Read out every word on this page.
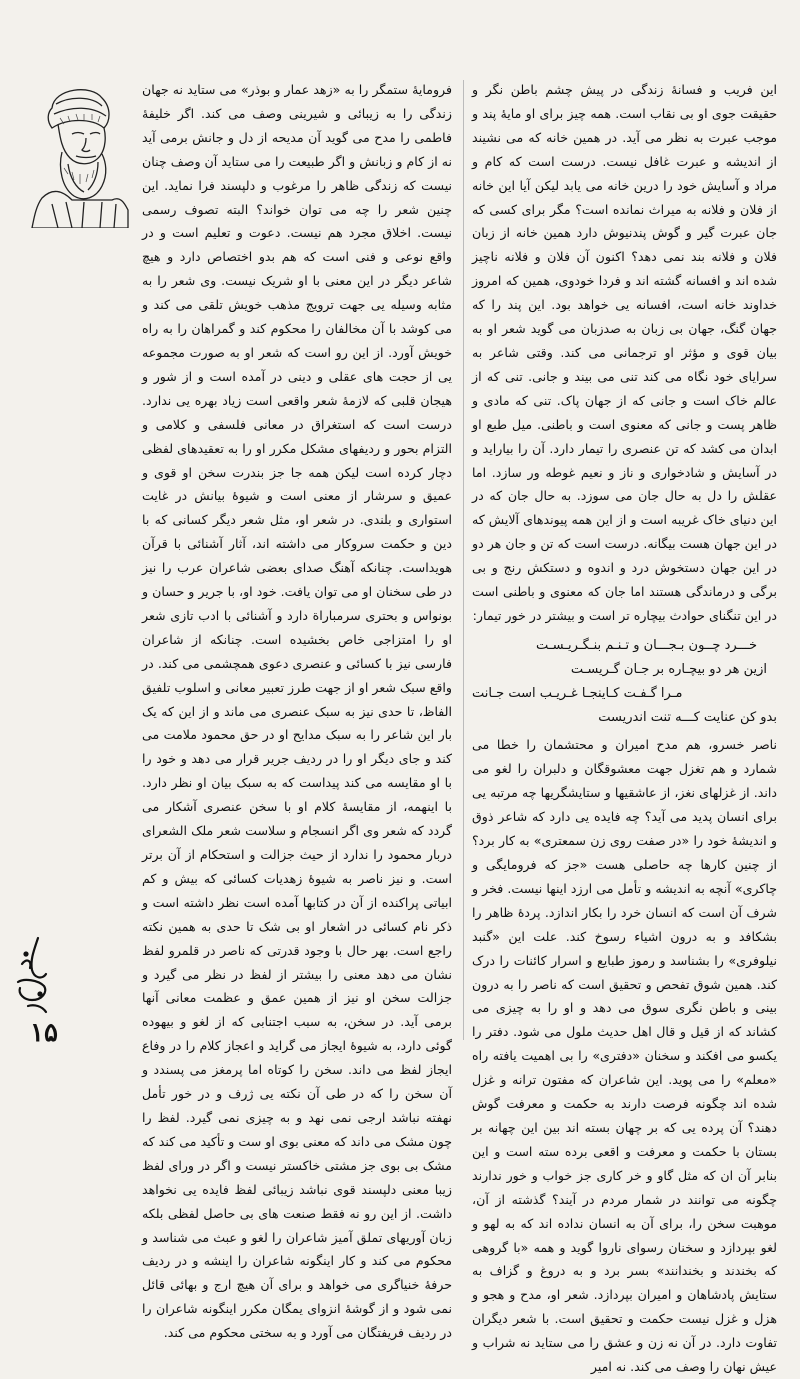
فرومایهٔ ستمگر را به «زهد عمار و بوذر» می ستاید نه جهان زندگی را به زیبائی و شیرینی وصف می کند. اگر خلیفهٔ فاطمی را مدح می گوید آن مدیحه از دل و جانش برمی آید نه از کام و زبانش و اگر طبیعت را می ستاید آن وصف چنان نیست که زندگی ظاهر را مرغوب و دلپسند فرا نماید. این چنین شعر را چه می توان خواند؟ البته تصوف رسمی نیست. اخلاق مجرد هم نیست. دعوت و تعلیم است و در واقع نوعی و فنی است که هم بدو اختصاص دارد و هیچ شاعر دیگر در این معنی با او شریک نیست. وی شعر را به مثابه وسیله یی جهت ترویج مذهب خویش تلقی می کند و می کوشد با آن مخالفان را محکوم کند و گمراهان را به راه خویش آورد. از این رو است که شعر او به صورت مجموعه یی از حجت های عقلی و دینی در آمده است و از شور و هیجان قلبی که لازمهٔ شعر واقعی است زیاد بهره یی ندارد. درست است که استغراق در معانی فلسفی و کلامی و التزام بحور و ردیفهای مشکل مکرر او را به تعقیدهای لفظی دچار کرده است لیکن همه جا جز بندرت سخن او قوی و عمیق و سرشار از معنی است و شیوهٔ بیانش در غایت استواری و بلندی. در شعر او، مثل شعر دیگر کسانی که با دین و حکمت سروکار می داشته اند، آثار آشنائی با قرآن هویداست. چنانکه آهنگ صدای بعضی شاعران عرب را نیز در طی سخنان او می توان یافت. خود او، با جریر و حسان و بونواس و بحتری سرمباراة دارد و آشنائی با ادب تازی شعر او را امتزاجی خاص بخشیده است. چنانکه از شاعران فارسی نیز با کسائی و عنصری دعوی همچشمی می کند. در واقع سبک شعر او از جهت طرز تعبیر معانی و اسلوب تلفیق الفاظ، تا حدی نیز به سبک عنصری می ماند و از این که یک بار این شاعر را به سبک مدایح او در حق محمود ملامت می کند و جای دیگر او را در ردیف جریر قرار می دهد و خود را با او مقایسه می کند پیداست که به سبک بیان او نظر دارد. با اینهمه، از مقایسهٔ کلام او با سخن عنصری آشکار می گردد که شعر وی اگر انسجام و سلاست شعر ملک الشعرای دربار محمود را ندارد از حیث جزالت و استحکام از آن برتر است. و نیز ناصر به شیوهٔ زهدیات کسائی که بیش و کم ابیاتی پراکنده از آن در کتابها آمده است نظر داشته است و ذکر نام کسائی در اشعار او بی شک تا حدی به همین نکته راجع است. بهر حال با وجود قدرتی که ناصر در قلمرو لفظ نشان می دهد معنی را بیشتر از لفظ در نظر می گیرد و جزالت سخن او نیز از همین عمق و عظمت معانی آنها برمی آید. در سخن، به سبب اجتنابی که از لغو و بیهوده گوئی دارد، به شیوهٔ ایجاز می گراید و اعجاز کلام را در وفاع ایجاز لفظ می داند. سخن را کوتاه اما پرمغز می پسندد و آن سخن را که در طی آن نکته یی ژرف و در خور تأمل نهفته نباشد ارجی نمی نهد و به چیزی نمی گیرد. لفظ را چون مشک می داند که معنی بوی او ست و تأکید می کند که مشک بی بوی جز مشتی خاکستر نیست و اگر در ورای لفظ زیبا معنی دلپسند قوی نباشد زیبائی لفظ فایده یی نخواهد داشت. از این رو نه فقط صنعت های بی حاصل لفظی بلکه زبان آوریهای تملق آمیز شاعران را لغو و عبث می شناسد و محکوم می کند و کار اینگونه شاعران را اینشه و در ردیف حرفهٔ خنیاگری می خواهد و برای آن هیچ ارج و بهائی قائل نمی شود و از گوشهٔ انزوای یمگان مکرر اینگونه شاعران را در ردیف فریفتگان می آورد و به سختی محکوم می کند.

این فریب و فسانهٔ زندگی در پیش چشم باطن نگر و حقیقت جوی او بی نقاب است. همه چیز برای او مایهٔ پند و موجب عبرت به نظر می آید. در همین خانه که می نشیند از اندیشه و عبرت غافل نیست. درست است که کام و مراد و آسایش خود را درین خانه می یابد لیکن آیا این خانه از فلان و فلانه به میراث نمانده است؟ مگر برای کسی که جان عبرت گیر و گوش پندنیوش دارد همین خانه از زبان فلان و فلانه بند نمی دهد؟ اکنون آن فلان و فلانه ناچیز شده اند و افسانه گشته اند و فردا خودوی، همین که امروز خداوند خانه است، افسانه یی خواهد بود. این پند را که جهان گنگ، جهان بی زبان به صدزبان می گوید شعر او به بیان قوی و مؤثر او ترجمانی می کند. وقتی شاعر به سرایای خود نگاه می کند تنی می بیند و جانی. تنی که از عالم خاک است و جانی که از جهان پاک. تنی که مادی و ظاهر پست و جانی که معنوی است و باطنی. میل طبع او ابدان می کشد که تن عنصری را تیمار دارد. آن را بیارايد و در آسایش و شادخواری و ناز و نعیم غوطه ور سازد. اما عقلش را دل به حال جان می سوزد. به حال جان که در این دنیای خاک غریبه است و از این همه پیوندهای آلایش که در این جهان هست بیگانه. درست است که تن و جان هر دو در این جهان دستخوش درد و اندوه و دستکش رنج و بی برگی و درماندگی هستند اما جان که معنوی و باطنی است در این تنگنای حوادث بیچاره تر است و بیشتر در خور تیمار:

خـــرد چــون بـجـــان و تـنـم بنـگـریـسـت
ازین هر دو بیچـاره بر جـان گـریسـت
مـرا گـفـت کـاینجـا غـریـب است جـانت
بدو کن عنایت کـــه تنت اندریست

ناصر خسرو، هم مدح امیران و محتشمان را خطا می شمارد و هم تغزل جهت معشوقگان و دلبران را لغو می داند. از غزلهای نغز، از عاشقیها و ستایشگریها چه مرتبه یی برای انسان پدید می آید؟ چه فایده یی دارد که شاعر ذوق و اندیشهٔ خود را «در صفت روی زن سمعتری» به کار برد؟ از چنین کارها چه حاصلی هست «جز که فرومایگی و چاکری» آنچه به اندیشه و تأمل می ارزد اینها نیست. فخر و شرف آن است که انسان خرد را بکار اندازد. پردهٔ ظاهر را بشکافد و به درون اشیاء رسوخ کند. علت این «گنبد نیلوفری» را بشناسد و رموز طبایع و اسرار کائنات را درک کند. همین شوق تفحص و تحقیق است که ناصر را به درون بینی و باطن نگری سوق می دهد و او را به چیزی می کشاند که از قیل و قال اهل حدیث ملول می شود. دفتر را یکسو می افکند و سخنان «دفتری» را بی اهمیت یافته راه «معلم» را می پوید. این شاعران که مفتون ترانه و غزل شده اند چگونه فرصت دارند به حکمت و معرفت گوش دهند؟ آن پرده یی که بر چهان بسته اند بین این چهانه بر بستان با حکمت و معرفت و اقعی برده سته است و این بنابر آن ان که مثل گاو و خر کاری جز خواب و خور ندارند چگونه می توانند در شمار مردم در آیند؟ گذشته از آن، موهبت سخن را، برای آن به انسان نداده اند که به لهو و لغو بپردازد و سخنان رسوای ناروا گوید و همه «با گروهی که بخندند و بخندانند» بسر برد و به دروغ و گزاف به ستایش پادشاهان و امیران بپردازد. شعر او، مدح و هجو و هزل و غزل نیست حکمت و تحقیق است. با شعر دیگران تفاوت دارد. در آن نه زن و عشق را می ستاید نه شراب و عیش نهان را وصف می کند. نه امیر

۱۵
